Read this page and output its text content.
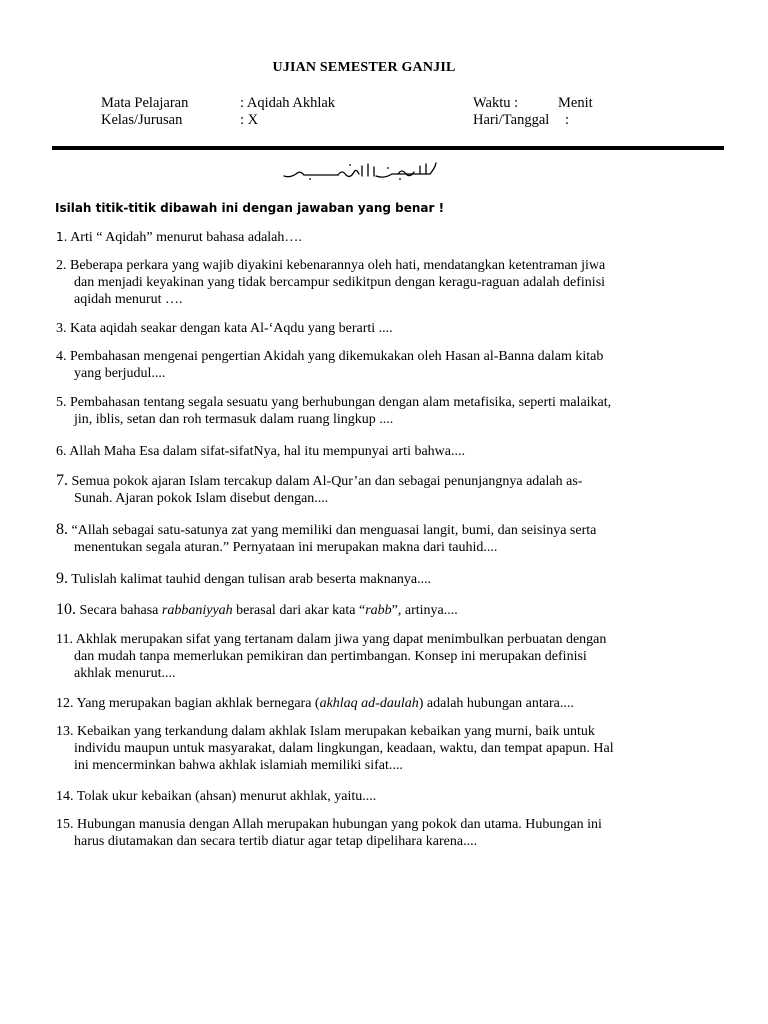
UJIAN SEMESTER GANJIL
Mata Pelajaran	: Aqidah Akhlak	Waktu :	Menit
Kelas/Jurusan	: X	Hari/Tanggal :
Isilah titik-titik dibawah ini dengan jawaban yang benar !
1. Arti “ Aqidah” menurut bahasa adalah….
2. Beberapa perkara yang wajib diyakini kebenarannya oleh hati, mendatangkan ketentraman jiwa
dan menjadi keyakinan yang tidak bercampur sedikitpun dengan keragu-raguan adalah definisi
aqidah menurut ….
3. Kata aqidah seakar dengan kata Al-‘Aqdu yang berarti ....
4. Pembahasan mengenai pengertian Akidah yang dikemukakan oleh Hasan al-Banna dalam kitab
yang berjudul....
5. Pembahasan tentang segala sesuatu yang berhubungan dengan alam metafisika, seperti malaikat,
jin, iblis, setan dan roh termasuk dalam ruang lingkup ....
6. Allah Maha Esa dalam sifat-sifatNya, hal itu mempunyai arti bahwa....
7. Semua pokok ajaran Islam tercakup dalam Al-Qur’an dan sebagai penunjangnya adalah as-
Sunah. Ajaran pokok Islam disebut dengan....
8. “Allah sebagai satu-satunya zat yang memiliki dan menguasai langit, bumi, dan seisinya serta
menentukan segala aturan.” Pernyataan ini merupakan makna dari tauhid....
9. Tulislah kalimat tauhid dengan tulisan arab beserta maknanya....
10. Secara bahasa rabbaniyyah berasal dari akar kata “rabb”, artinya....
11. Akhlak merupakan sifat yang tertanam dalam jiwa yang dapat menimbulkan perbuatan dengan
dan mudah tanpa memerlukan pemikiran dan pertimbangan. Konsep ini merupakan definisi
akhlak menurut....
12. Yang merupakan bagian akhlak bernegara (akhlaq ad-daulah) adalah hubungan antara....
13. Kebaikan yang terkandung dalam akhlak Islam merupakan kebaikan yang murni, baik untuk
individu maupun untuk masyarakat, dalam lingkungan, keadaan, waktu, dan tempat apapun. Hal
ini mencerminkan bahwa akhlak islamiah memiliki sifat....
14. Tolak ukur kebaikan (ahsan) menurut akhlak, yaitu....
15. Hubungan manusia dengan Allah merupakan hubungan yang pokok dan utama. Hubungan ini
harus diutamakan dan secara tertib diatur agar tetap dipelihara karena....
